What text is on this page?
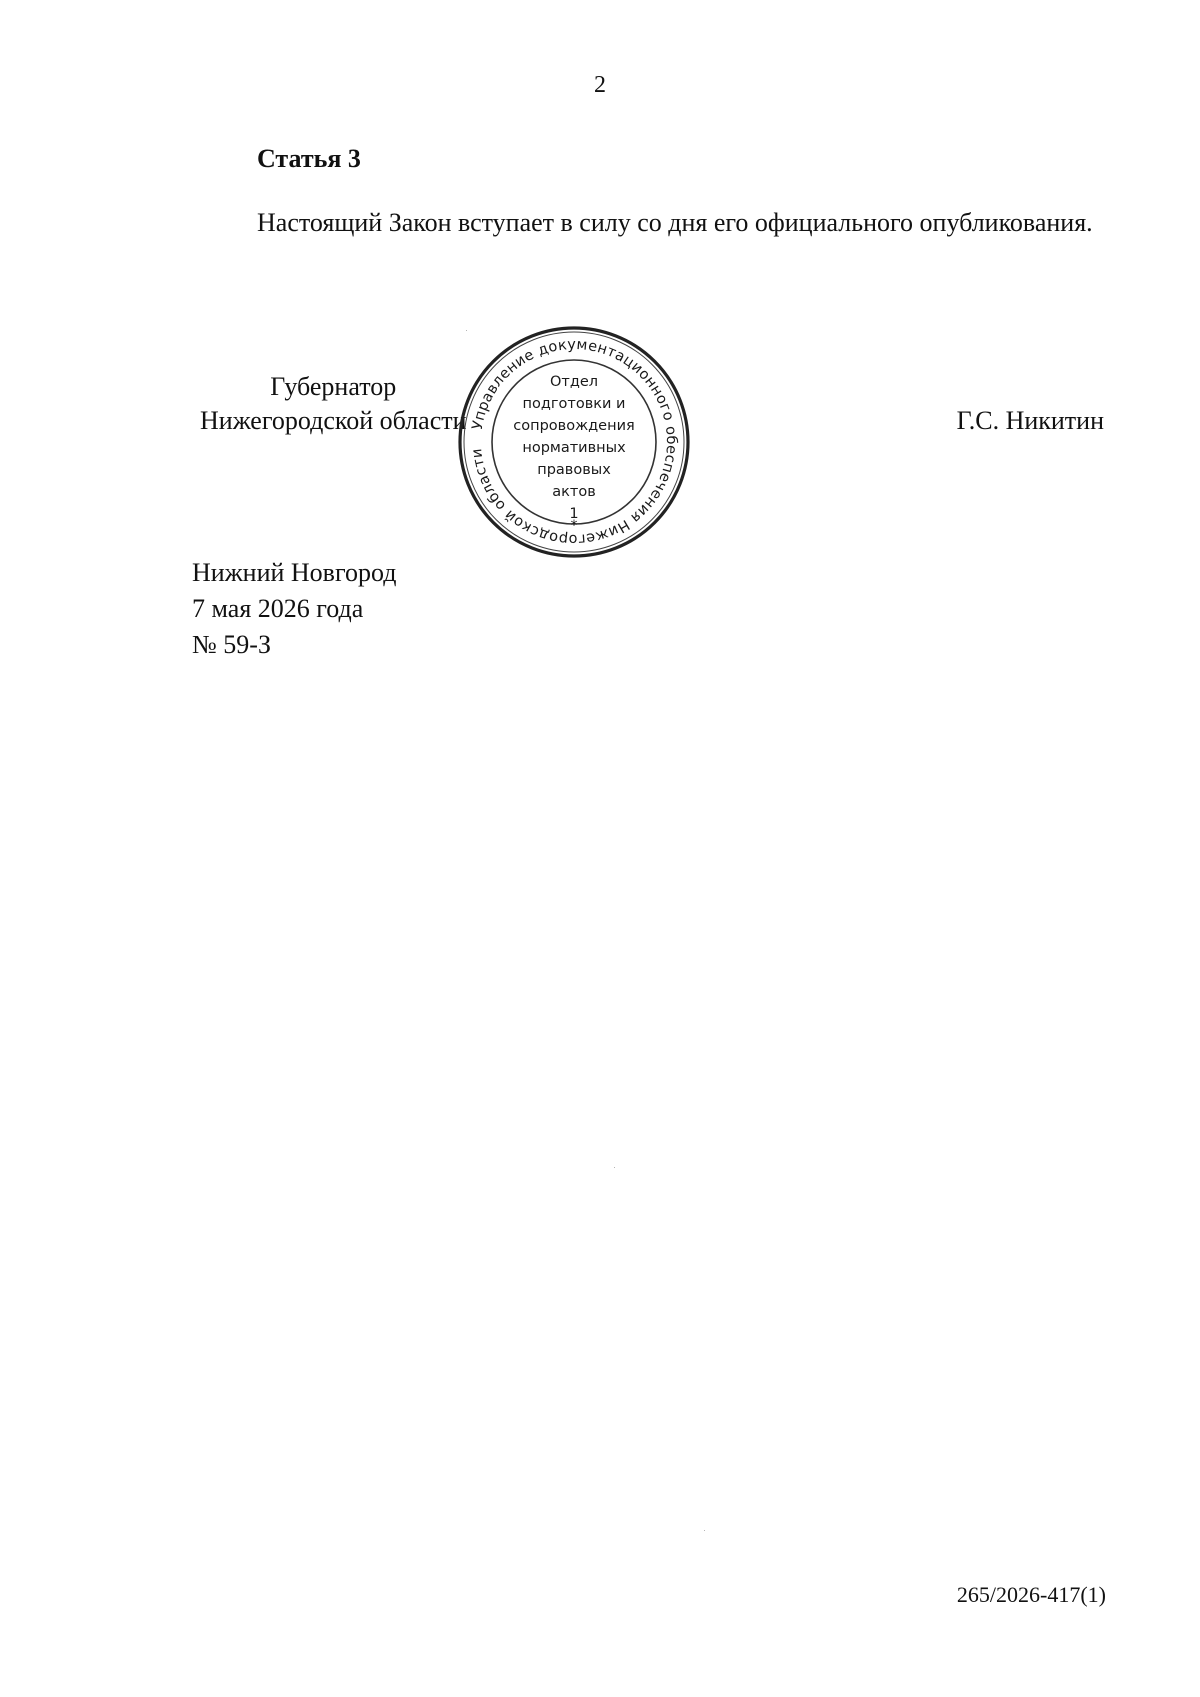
2
Статья 3

Настоящий Закон вступает в силу со дня его официального опубликования.

Губернатор
Нижегородской области	Г.С. Никитин
Управление документационного обеспечения Нижегородской области
Отдел
подготовки и
сопровождения
нормативных
правовых
актов
1
*
Нижний Новгород
7 мая 2026 года
№ 59-З
265/2026-417(1)
